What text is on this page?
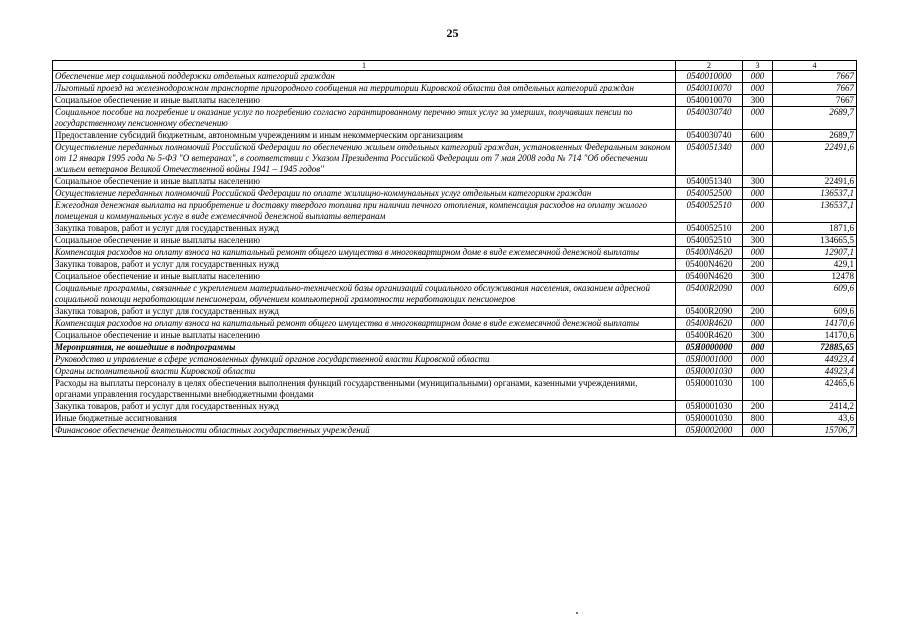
25
1	2	3	4
Обеспечение мер социальной поддержки отдельных категорий граждан	0540010000	000	7667
Льготный проезд на железнодорожном транспорте пригородного сообщения на территории Кировской области для отдельных категорий граждан	0540010070	000	7667
Социальное обеспечение и иные выплаты населению	0540010070	300	7667
Социальное пособие на погребение и оказание услуг по погребению согласно гарантированному перечню этих услуг за умерших, получавших пенсии по государственному пенсионному обеспечению	0540030740	000	2689,7
Предоставление субсидий бюджетным, автономным учреждениям и иным некоммерческим организациям	0540030740	600	2689,7
Осуществление переданных полномочий Российской Федерации по обеспечению жильем отдельных категорий граждан, установленных Федеральным законом от 12 января 1995 года № 5-ФЗ "О ветеранах", в соответствии с Указом Президента Российской Федерации от 7 мая 2008 года № 714 "Об обеспечении жильем ветеранов Великой Отечественной войны 1941 – 1945 годов"	0540051340	000	22491,6
Социальное обеспечение и иные выплаты населению	0540051340	300	22491,6
Осуществление переданных полномочий Российской Федерации по оплате жилищно-коммунальных услуг отдельным категориям граждан	0540052500	000	136537,1
Ежегодная денежная выплата на приобретение и доставку твердого топлива при наличии печного отопления, компенсация расходов на оплату жилого помещения и коммунальных услуг в виде ежемесячной денежной выплаты ветеранам	0540052510	000	136537,1
Закупка товаров, работ и услуг для государственных нужд	0540052510	200	1871,6
Социальное обеспечение и иные выплаты населению	0540052510	300	134665,5
Компенсация расходов на оплату взноса на капитальный ремонт общего имущества в многоквартирном доме в виде ежемесячной денежной выплаты	05400N4620	000	12907,1
Закупка товаров, работ и услуг для государственных нужд	05400N4620	200	429,1
Социальное обеспечение и иные выплаты населению	05400N4620	300	12478
Социальные программы, связанные с укреплением материально-технической базы организаций социального обслуживания населения, оказанием адресной социальной помощи неработающим пенсионерам, обучением компьютерной грамотности неработающих пенсионеров	05400R2090	000	609,6
Закупка товаров, работ и услуг для государственных нужд	05400R2090	200	609,6
Компенсация расходов на оплату взноса на капитальный ремонт общего имущества в многоквартирном доме в виде ежемесячной денежной выплаты	05400R4620	000	14170,6
Социальное обеспечение и иные выплаты населению	05400R4620	300	14170,6
Мероприятия, не вошедшие в подпрограммы	05Я0000000	000	72885,65
Руководство и управление в сфере установленных функций органов государственной власти Кировской области	05Я0001000	000	44923,4
Органы исполнительной власти Кировской области	05Я0001030	000	44923,4
Расходы на выплаты персоналу в целях обеспечения выполнения функций государственными (муниципальными) органами, казенными учреждениями, органами управления государственными внебюджетными фондами	05Я0001030	100	42465,6
Закупка товаров, работ и услуг для государственных нужд	05Я0001030	200	2414,2
Иные бюджетные ассигнования	05Я0001030	800	43,6
Финансовое обеспечение деятельности областных государственных учреждений	05Я0002000	000	15706,7
